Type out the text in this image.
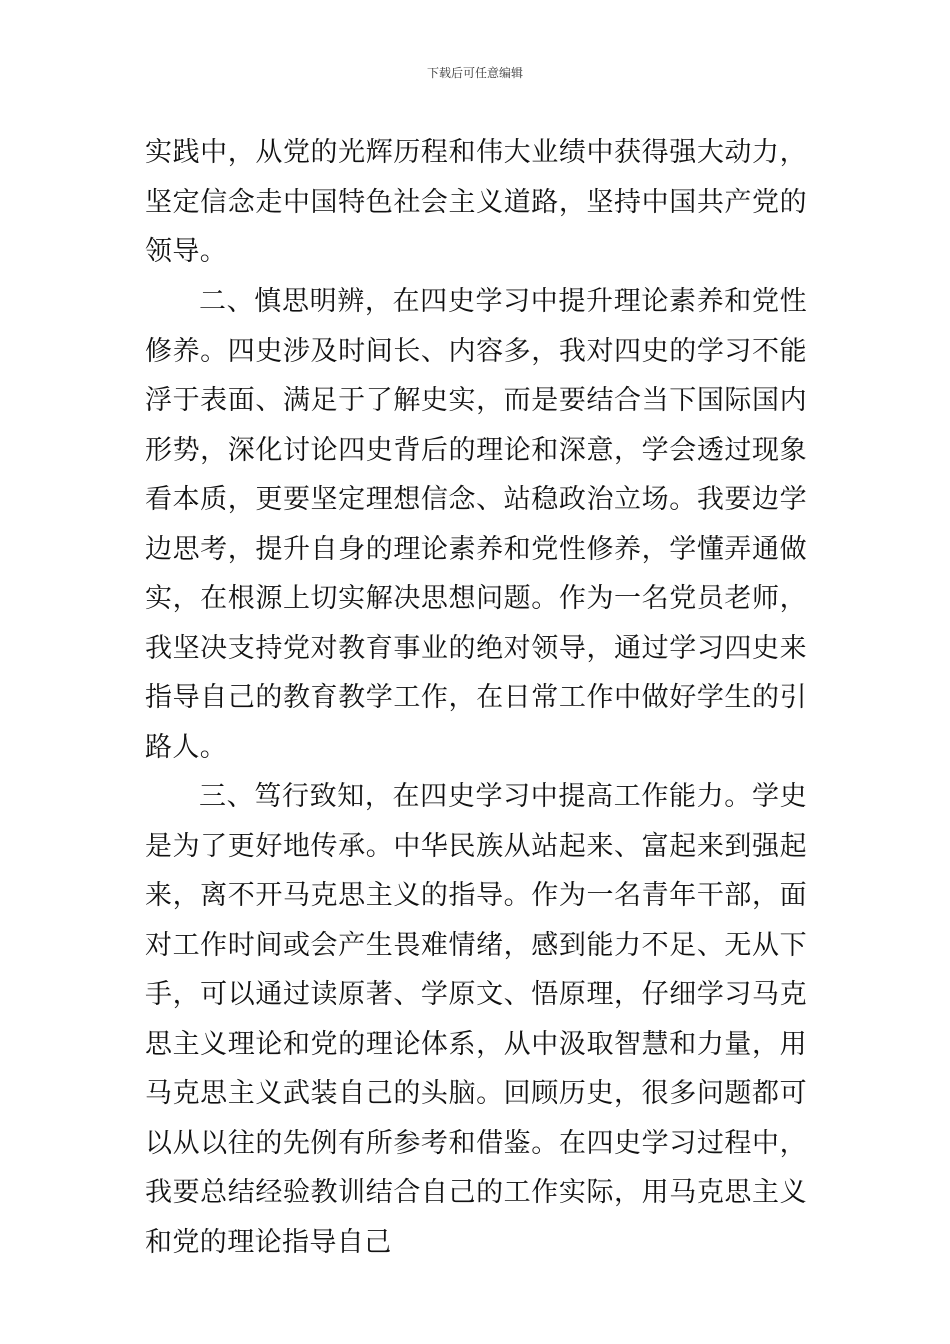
下载后可任意编辑

实践中，从党的光辉历程和伟大业绩中获得强大动力，坚定信念走中国特色社会主义道路，坚持中国共产党的领导。

二、慎思明辨，在四史学习中提升理论素养和党性修养。四史涉及时间长、内容多，我对四史的学习不能浮于表面、满足于了解史实，而是要结合当下国际国内形势，深化讨论四史背后的理论和深意，学会透过现象看本质，更要坚定理想信念、站稳政治立场。我要边学边思考，提升自身的理论素养和党性修养，学懂弄通做实，在根源上切实解决思想问题。作为一名党员老师，我坚决支持党对教育事业的绝对领导，通过学习四史来指导自己的教育教学工作，在日常工作中做好学生的引路人。

三、笃行致知，在四史学习中提高工作能力。学史是为了更好地传承。中华民族从站起来、富起来到强起来，离不开马克思主义的指导。作为一名青年干部，面对工作时间或会产生畏难情绪，感到能力不足、无从下手，可以通过读原著、学原文、悟原理，仔细学习马克思主义理论和党的理论体系，从中汲取智慧和力量，用马克思主义武装自己的头脑。回顾历史，很多问题都可以从以往的先例有所参考和借鉴。在四史学习过程中，我要总结经验教训结合自己的工作实际，用马克思主义和党的理论指导自己
